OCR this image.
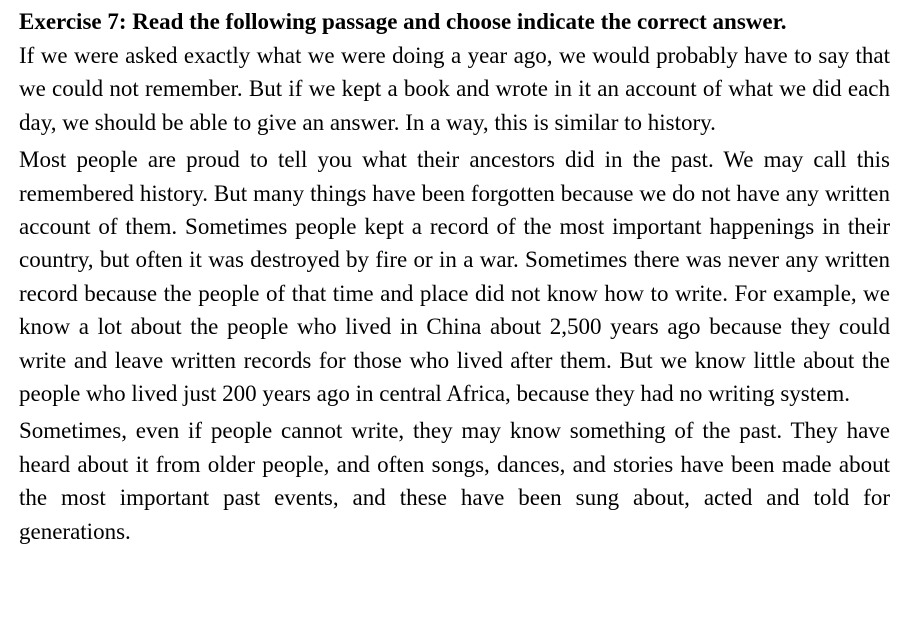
Exercise 7: Read the following passage and choose indicate the correct answer.

If we were asked exactly what we were doing a year ago, we would probably have to say that we could not remember. But if we kept a book and wrote in it an account of what we did each day, we should be able to give an answer. In a way, this is similar to history.

Most people are proud to tell you what their ancestors did in the past. We may call this remembered history. But many things have been forgotten because we do not have any written account of them. Sometimes people kept a record of the most important happenings in their country, but often it was destroyed by fire or in a war. Sometimes there was never any written record because the people of that time and place did not know how to write. For example, we know a lot about the people who lived in China about 2,500 years ago because they could write and leave written records for those who lived after them. But we know little about the people who lived just 200 years ago in central Africa, because they had no writing system.

Sometimes, even if people cannot write, they may know something of the past. They have heard about it from older people, and often songs, dances, and stories have been made about the most important past events, and these have been sung about, acted and told for generations.
